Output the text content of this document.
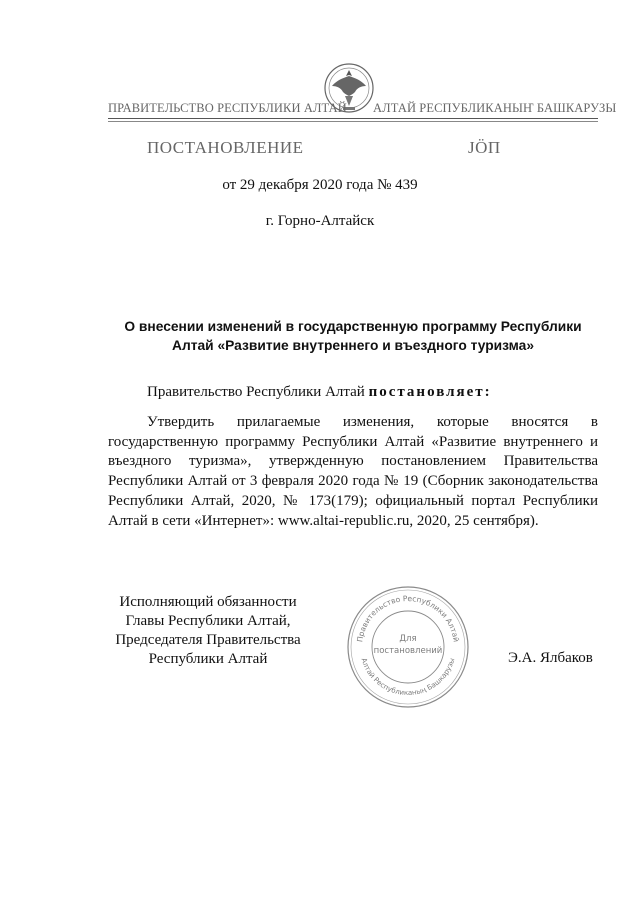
ПРАВИТЕЛЬСТВО РЕСПУБЛИКИ АЛТАЙ АЛТАЙ РЕСПУБЛИКАНЫҤ БАШКАРУЗЫ
ПОСТАНОВЛЕНИЕ	JӦП
от 29 декабря 2020 года № 439
г. Горно-Алтайск
О внесении изменений в государственную программу Республики Алтай «Развитие внутреннего и въездного туризма»
Правительство Республики Алтай постановляет:
Утвердить прилагаемые изменения, которые вносятся в государственную программу Республики Алтай «Развитие внутреннего и въездного туризма», утвержденную постановлением Правительства Республики Алтай от 3 февраля 2020 года № 19 (Сборник законодательства Республики Алтай, 2020, № 173(179); официальный портал Республики Алтай в сети «Интернет»: www.altai-republic.ru, 2020, 25 сентября).
Исполняющий обязанности
Главы Республики Алтай,
Председателя Правительства
Республики Алтай
Правительство Республики Алтай
Алтай Республиканың Башкарузы
Для
постановлений	Э.А. Ялбаков
